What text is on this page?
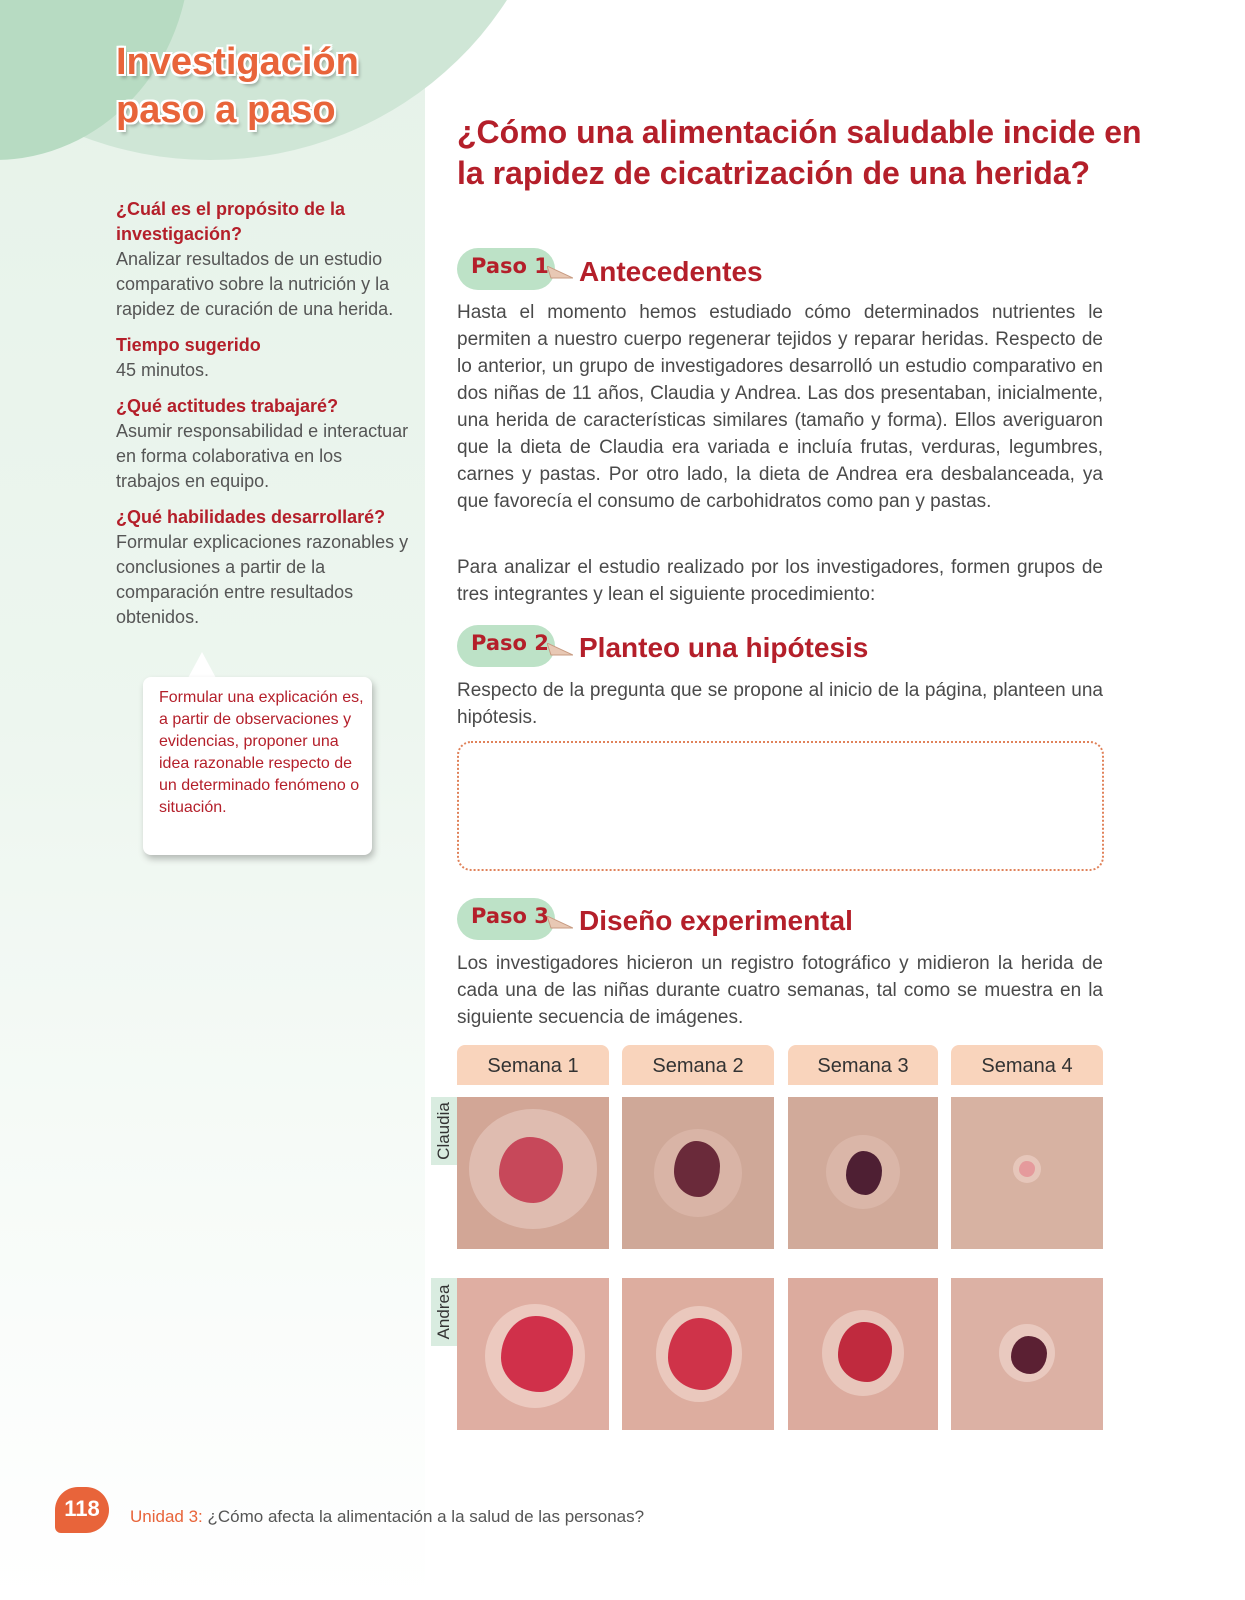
Investigación
paso a paso
¿Cuál es el propósito de la investigación?
Analizar resultados de un estudio comparativo sobre la nutrición y la rapidez de curación de una herida.
Tiempo sugerido
45 minutos.
¿Qué actitudes trabajaré?
Asumir responsabilidad e interactuar en forma colaborativa en los trabajos en equipo.
¿Qué habilidades desarrollaré?
Formular explicaciones razonables y conclusiones a partir de la comparación entre resultados obtenidos.
Formular una explicación es, a partir de observaciones y evidencias, proponer una idea razonable respecto de un determinado fenómeno o situación.
¿Cómo una alimentación saludable incide en la rapidez de cicatrización de una herida?
Paso 1 Antecedentes

Hasta el momento hemos estudiado cómo determinados nutrientes le permiten a nuestro cuerpo regenerar tejidos y reparar heridas. Respecto de lo anterior, un grupo de investigadores desarrolló un estudio comparativo en dos niñas de 11 años, Claudia y Andrea. Las dos presentaban, inicialmente, una herida de características similares (tamaño y forma). Ellos averiguaron que la dieta de Claudia era variada e incluía frutas, verduras, legumbres, carnes y pastas. Por otro lado, la dieta de Andrea era desbalanceada, ya que favorecía el consumo de carbohidratos como pan y pastas.

Para analizar el estudio realizado por los investigadores, formen grupos de tres integrantes y lean el siguiente procedimiento:

Paso 2 Planteo una hipótesis

Respecto de la pregunta que se propone al inicio de la página, planteen una hipótesis.

Paso 3 Diseño experimental

Los investigadores hicieron un registro fotográfico y midieron la herida de cada una de las niñas durante cuatro semanas, tal como se muestra en la siguiente secuencia de imágenes.

Semana 1	Semana 2	Semana 3	Semana 4
Claudia
Andrea
118	Unidad 3: ¿Cómo afecta la alimentación a la salud de las personas?
